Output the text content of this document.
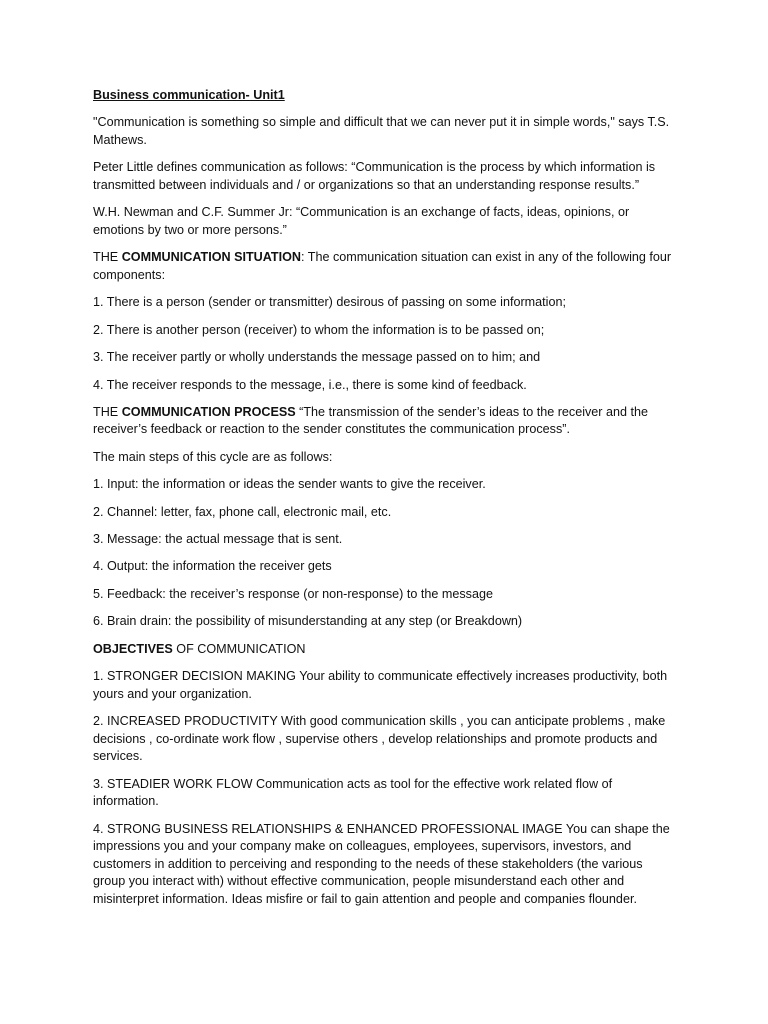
Business communication- Unit1

"Communication is something so simple and difficult that we can never put it in simple words," says T.S. Mathews.

Peter Little defines communication as follows: “Communication is the process by which information is transmitted between individuals and / or organizations so that an understanding response results.”

W.H. Newman and C.F. Summer Jr: “Communication is an exchange of facts, ideas, opinions, or emotions by two or more persons.”

THE COMMUNICATION SITUATION: The communication situation can exist in any of the following four components:

1. There is a person (sender or transmitter) desirous of passing on some information;

2. There is another person (receiver) to whom the information is to be passed on;

3. The receiver partly or wholly understands the message passed on to him; and

4. The receiver responds to the message, i.e., there is some kind of feedback.

THE COMMUNICATION PROCESS “The transmission of the sender’s ideas to the receiver and the receiver’s feedback or reaction to the sender constitutes the communication process”.

The main steps of this cycle are as follows:

1. Input: the information or ideas the sender wants to give the receiver.

2. Channel: letter, fax, phone call, electronic mail, etc.

3. Message: the actual message that is sent.

4. Output: the information the receiver gets

5. Feedback: the receiver’s response (or non-response) to the message

6. Brain drain: the possibility of misunderstanding at any step (or Breakdown)

OBJECTIVES OF COMMUNICATION

1. STRONGER DECISION MAKING Your ability to communicate effectively increases productivity, both yours and your organization.

2. INCREASED PRODUCTIVITY With good communication skills , you can anticipate problems , make decisions , co-ordinate work flow , supervise others , develop relationships and promote products and services.

3. STEADIER WORK FLOW Communication acts as tool for the effective work related flow of information.

4. STRONG BUSINESS RELATIONSHIPS & ENHANCED PROFESSIONAL IMAGE You can shape the impressions you and your company make on colleagues, employees, supervisors, investors, and customers in addition to perceiving and responding to the needs of these stakeholders (the various group you interact with) without effective communication, people misunderstand each other and misinterpret information. Ideas misfire or fail to gain attention and people and companies flounder.
